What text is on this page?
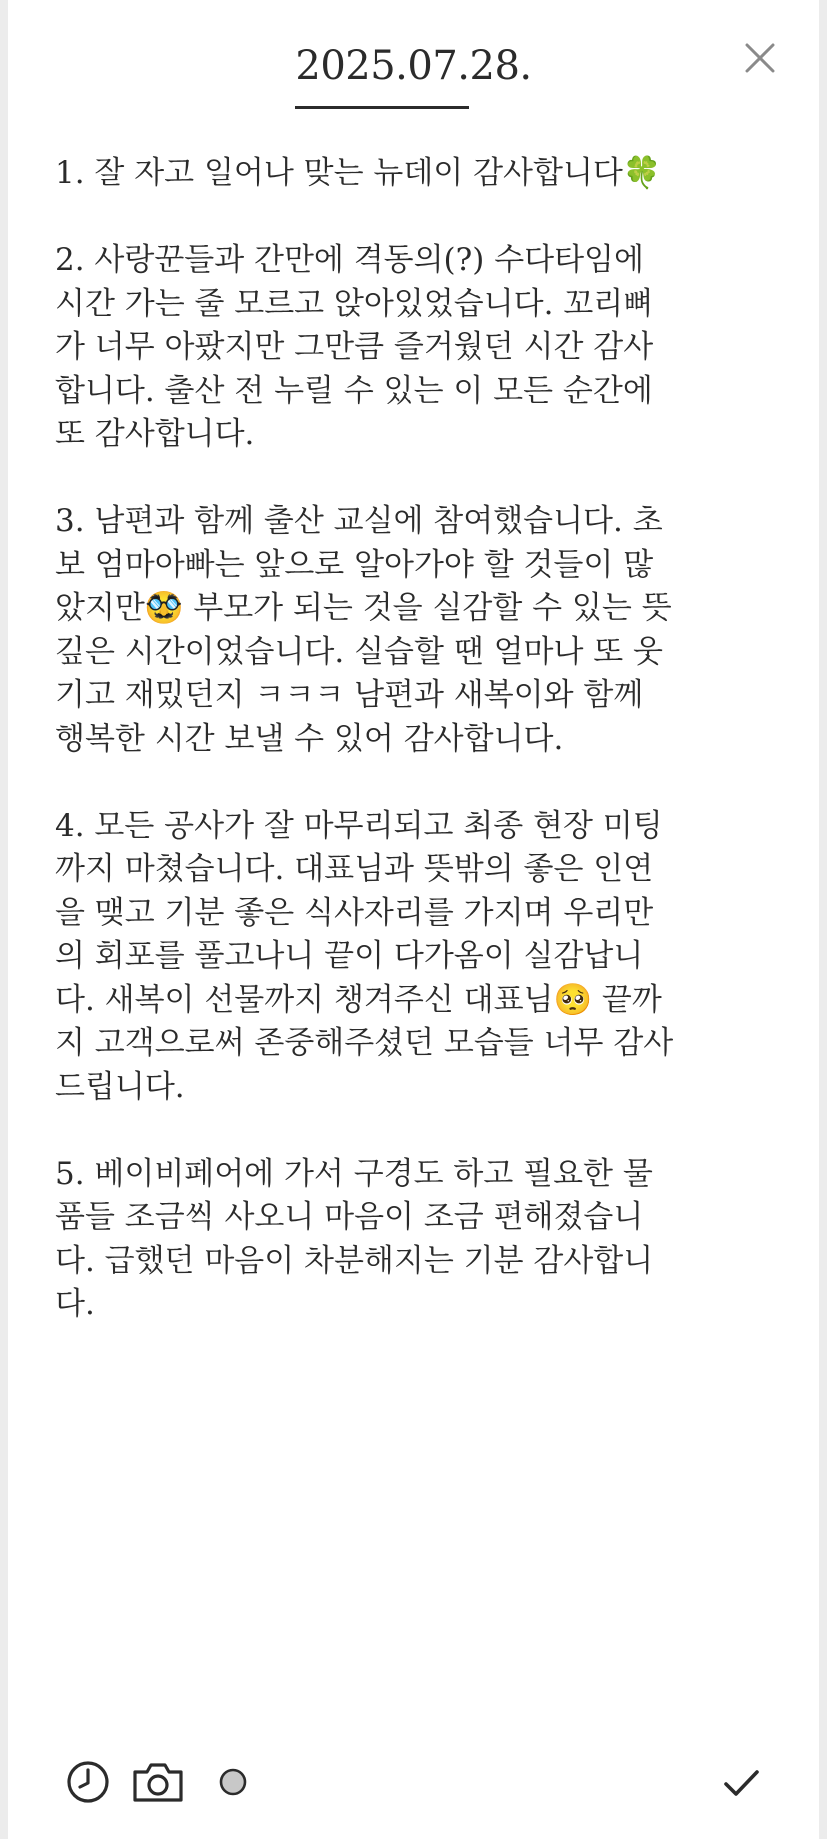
2025.07.28.
1. 잘 자고 일어나 맞는 뉴데이 감사합니다🍀
2. 사랑꾼들과 간만에 격동의(?) 수다타임에
시간 가는 줄 모르고 앉아있었습니다. 꼬리뼈
가 너무 아팠지만 그만큼 즐거웠던 시간 감사
합니다. 출산 전 누릴 수 있는 이 모든 순간에
또 감사합니다.
3. 남편과 함께 출산 교실에 참여했습니다. 초
보 엄마아빠는 앞으로 알아가야 할 것들이 많
았지만🥸 부모가 되는 것을 실감할 수 있는 뜻
깊은 시간이었습니다. 실습할 땐 얼마나 또 웃
기고 재밌던지 ㅋㅋㅋ 남편과 새복이와 함께
행복한 시간 보낼 수 있어 감사합니다.
4. 모든 공사가 잘 마무리되고 최종 현장 미팅
까지 마쳤습니다. 대표님과 뜻밖의 좋은 인연
을 맺고 기분 좋은 식사자리를 가지며 우리만
의 회포를 풀고나니 끝이 다가옴이 실감납니
다. 새복이 선물까지 챙겨주신 대표님🥺 끝까
지 고객으로써 존중해주셨던 모습들 너무 감사
드립니다.
5. 베이비페어에 가서 구경도 하고 필요한 물
품들 조금씩 사오니 마음이 조금 편해졌습니
다. 급했던 마음이 차분해지는 기분 감사합니
다.
